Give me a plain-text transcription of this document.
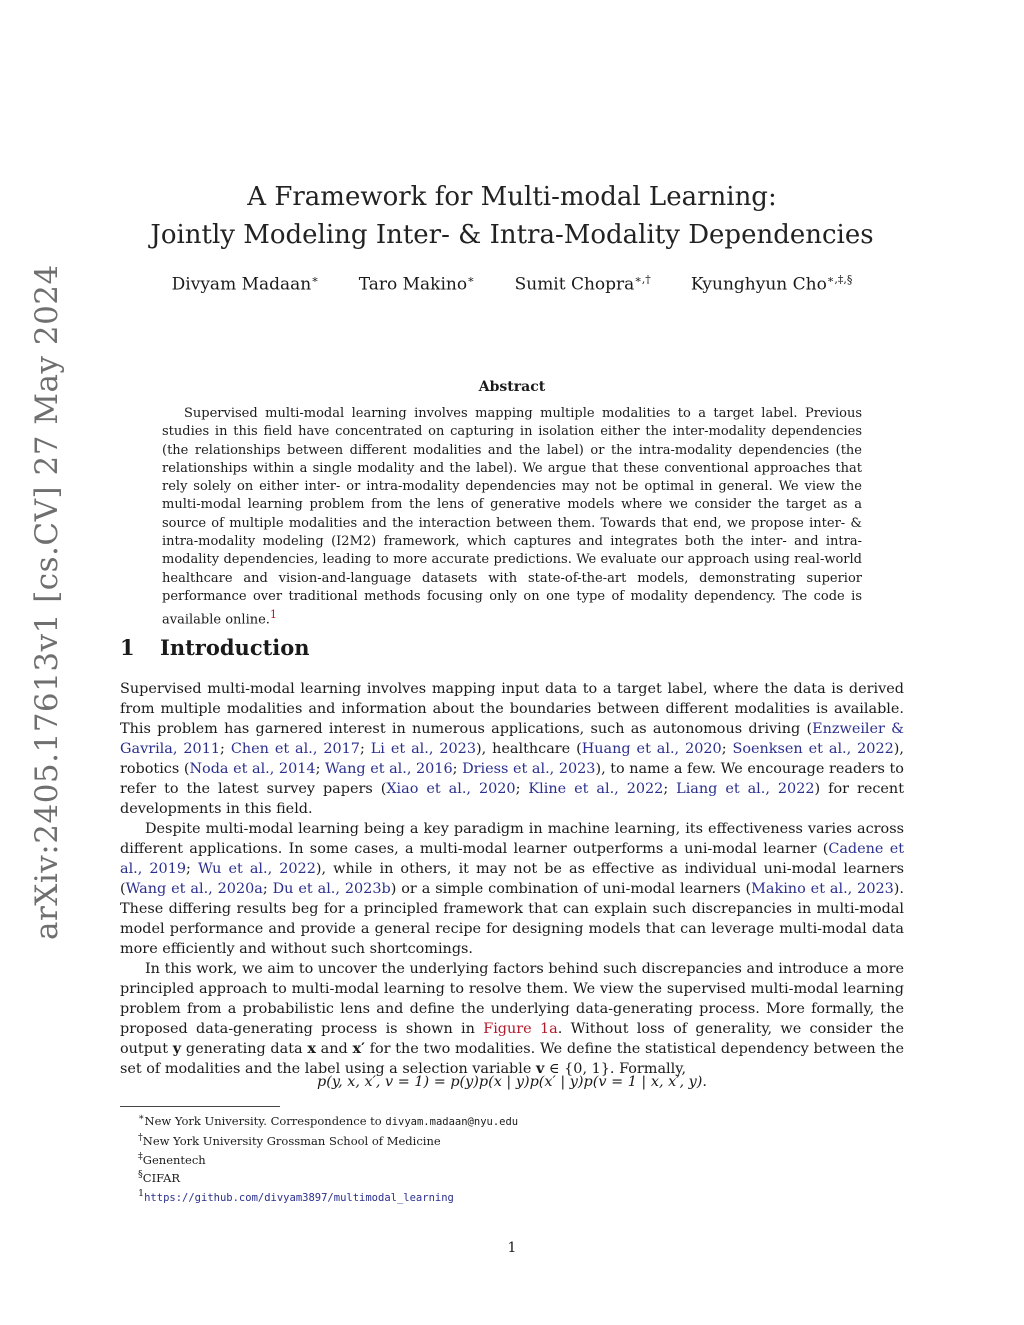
arXiv:2405.17613v1 [cs.CV] 27 May 2024
A Framework for Multi-modal Learning:
Jointly Modeling Inter- & Intra-Modality Dependencies
Divyam Madaan∗ Taro Makino∗ Sumit Chopra∗,† Kyunghyun Cho∗,‡,§
Abstract
Supervised multi-modal learning involves mapping multiple modalities to a target label. Previous studies in this field have concentrated on capturing in isolation either the inter-modality dependencies (the relationships between different modalities and the label) or the intra-modality dependencies (the relationships within a single modality and the label). We argue that these conventional approaches that rely solely on either inter- or intra-modality dependencies may not be optimal in general. We view the multi-modal learning problem from the lens of generative models where we consider the target as a source of multiple modalities and the interaction between them. Towards that end, we propose inter- & intra-modality modeling (I2M2) framework, which captures and integrates both the inter- and intra-modality dependencies, leading to more accurate predictions. We evaluate our approach using real-world healthcare and vision-and-language datasets with state-of-the-art models, demonstrating superior performance over traditional methods focusing only on one type of modality dependency. The code is available online.$^1$
1 Introduction

Supervised multi-modal learning involves mapping input data to a target label, where the data is derived from multiple modalities and information about the boundaries between different modalities is available. This problem has garnered interest in numerous applications, such as autonomous driving (Enzweiler & Gavrila, 2011; Chen et al., 2017; Li et al., 2023), healthcare (Huang et al., 2020; Soenksen et al., 2022), robotics (Noda et al., 2014; Wang et al., 2016; Driess et al., 2023), to name a few. We encourage readers to refer to the latest survey papers (Xiao et al., 2020; Kline et al., 2022; Liang et al., 2022) for recent developments in this field.

Despite multi-modal learning being a key paradigm in machine learning, its effectiveness varies across different applications. In some cases, a multi-modal learner outperforms a uni-modal learner (Cadene et al., 2019; Wu et al., 2022), while in others, it may not be as effective as individual uni-modal learners (Wang et al., 2020a; Du et al., 2023b) or a simple combination of uni-modal learners (Makino et al., 2023). These differing results beg for a principled framework that can explain such discrepancies in multi-modal model performance and provide a general recipe for designing models that can leverage multi-modal data more efficiently and without such shortcomings.

In this work, we aim to uncover the underlying factors behind such discrepancies and introduce a more principled approach to multi-modal learning to resolve them. We view the supervised multi-modal learning problem from a probabilistic lens and define the underlying data-generating process. More formally, the proposed data-generating process is shown in Figure 1a. Without loss of generality, we consider the output y generating data x and x′ for the two modalities. We define the statistical dependency between the set of modalities and the label using a selection variable v ∈ {0, 1}. Formally,

p(y, x, x′, v = 1) = p(y)p(x | y)p(x′ | y)p(v = 1 | x, x′, y).
∗New York University. Correspondence to divyam.madaan@nyu.edu
†New York University Grossman School of Medicine
‡Genentech
§CIFAR
$^1$https://github.com/divyam3897/multimodal_learning
1
